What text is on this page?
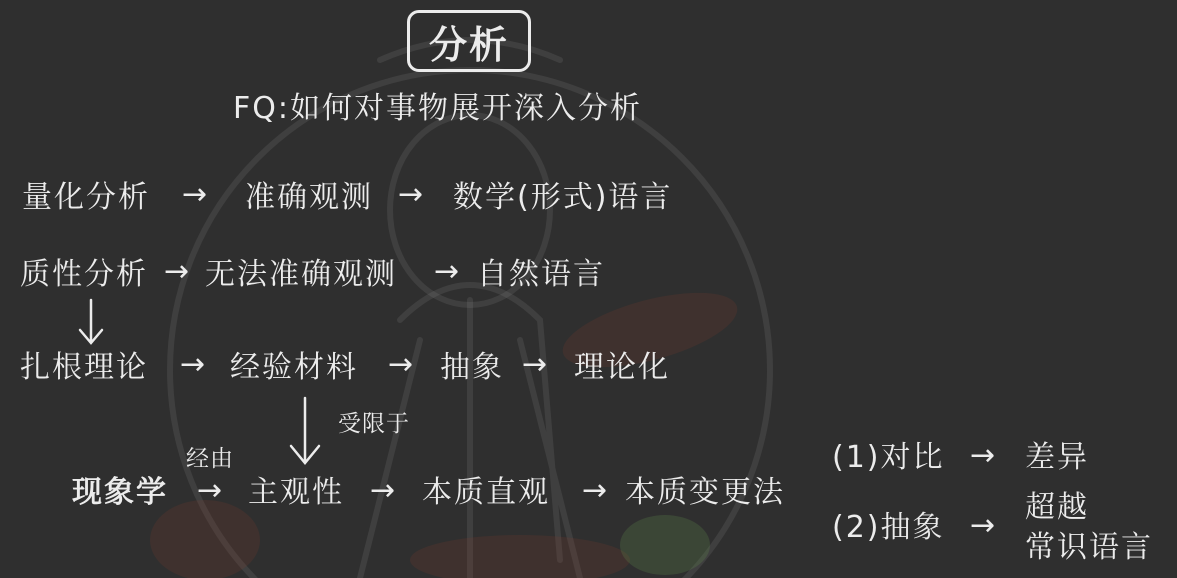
分析
FQ:如何对事物展开深入分析
量化分析 → 准确观测 → 数学(形式)语言
质性分析 → 无法准确观测 → 自然语言
扎根理论 → 经验材料 → 抽象 → 理论化
受限于
经由
现象学 → 主观性 → 本质直观 → 本质变更法
(1)对比 → 差异
(2)抽象 →
超越
常识语言
